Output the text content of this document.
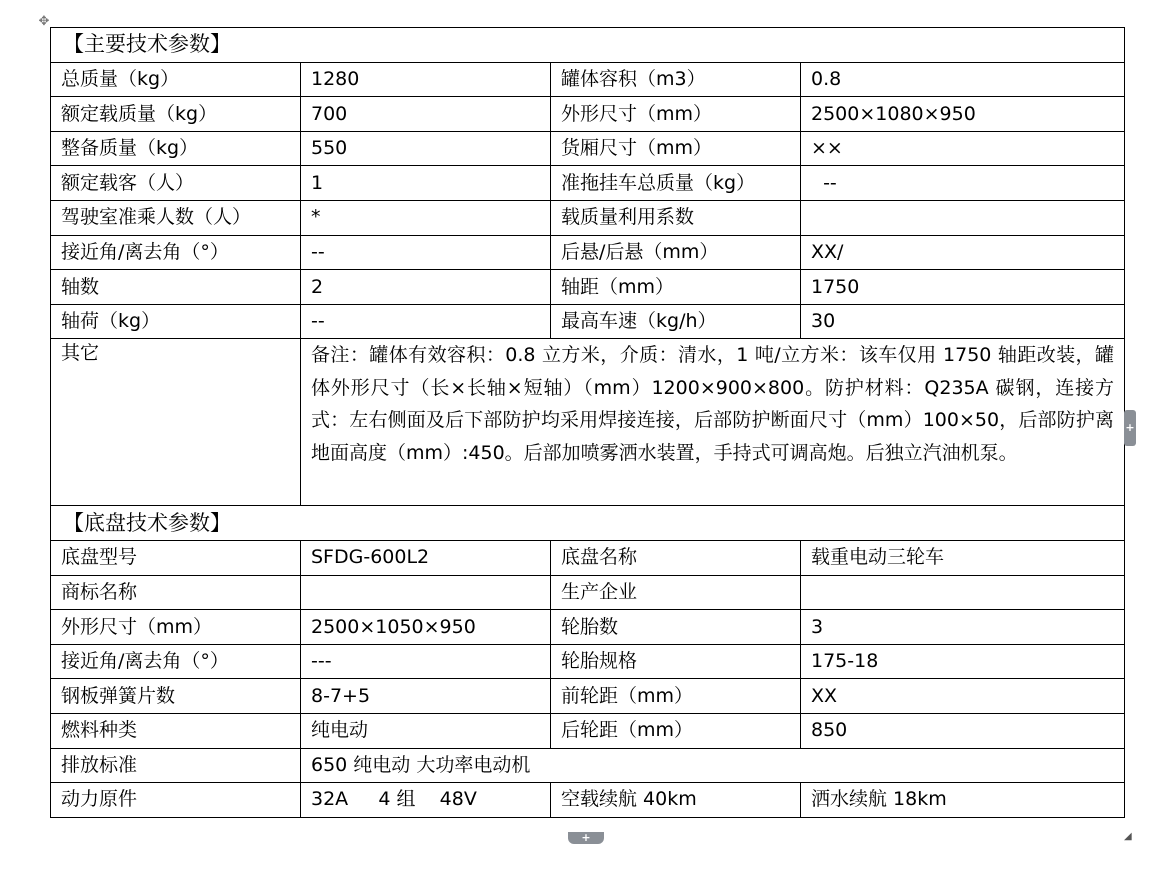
✥
【主要技术参数】			
总质量（kg）	1280	罐体容积（m3）	0.8
额定载质量（kg）	700	外形尺寸（mm）	2500×1080×950
整备质量（kg）	550	货厢尺寸（mm）	××
额定载客（人）	1	准拖挂车总质量（kg）	--
驾驶室准乘人数（人）	*	载质量利用系数	
接近角/离去角（°）	--	后悬/后悬（mm）	XX/
轴数	2	轴距（mm）	1750
轴荷（kg）	--	最高车速（kg/h）	30
其它	备注：罐体有效容积：0.8 立方米，介质：清水，1 吨/立方米：该车仅用 1750 轴距改装，罐体外形尺寸（长×长轴×短轴）（mm）1200×900×800。防护材料：Q235A 碳钢，连接方式：左右侧面及后下部防护均采用焊接连接，后部防护断面尺寸（mm）100×50，后部防护离地面高度（mm）:450。后部加喷雾洒水装置，手持式可调高炮。后独立汽油机泵。		
【底盘技术参数】			
底盘型号	SFDG-600L2	底盘名称	载重电动三轮车
商标名称		生产企业	
外形尺寸（mm）	2500×1050×950	轮胎数	3
接近角/离去角（°）	---	轮胎规格	175-18
钢板弹簧片数	8-7+5	前轮距（mm）	XX
燃料种类	纯电动	后轮距（mm）	850
排放标准	650 纯电动 大功率电动机		
动力原件	32A     4 组    48V	空载续航 40km	洒水续航 18km
+
+	◢
